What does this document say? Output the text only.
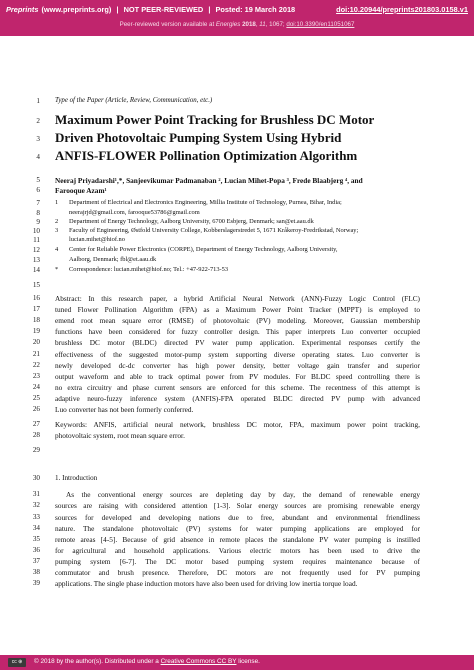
Preprints (www.preprints.org) | NOT PEER-REVIEWED | Posted: 19 March 2018	doi:10.20944/preprints201803.0158.v1
Peer-reviewed version available at Energies 2018, 11, 1067; doi:10.3390/en11051067
1
2
3
4
5
6
7
8
9
10
11
12
13
14
15
16
17
18
19
20
21
22
23
24
25
26
27
28
29
30
31
32
33
34
35
36
37
38
39
Type of the Paper (Article, Review, Communication, etc.)
Maximum Power Point Tracking for Brushless DC Motor
Driven Photovoltaic Pumping System Using Hybrid
ANFIS-FLOWER Pollination Optimization Algorithm
Neeraj Priyadarshi¹,*, Sanjeevikumar Padmanaban ², Lucian Mihet-Popa ³, Frede Blaabjerg ⁴, and
Farooque Azam¹
1 Department of Electrical and Electronics Engineering, Millia Institute of Technology, Purnea, Bihar, India;
neerajrjd@gmail.com, farooque53786@gmail.com
2 Department of Energy Technology, Aalborg University, 6700 Esbjerg, Denmark; san@et.aau.dk
3 Faculty of Engineering, Østfold University College, Kobberslagerstredet 5, 1671 Kråkeroy-Fredrikstad, Norway;
lucian.mihet@hiof.no
4 Center for Reliable Power Electronics (CORPE), Department of Energy Technology, Aalborg University,
Aalborg, Denmark; fbl@et.aau.dk
* Correspondence: lucian.mihet@hiof.no; Tel.: +47-922-713-53
Abstract: In this research paper, a hybrid Artificial Neural Network (ANN)-Fuzzy Logic Control (FLC)
tuned Flower Pollination Algorithm (FPA) as a Maximum Power Point Tracker (MPPT) is employed to
emend root mean square error (RMSE) of photovoltaic (PV) modeling. Moreover, Gaussian membership
functions have been considered for fuzzy controller design. This paper interprets Luo converter occupied
brushless DC motor (BLDC) directed PV water pump application. Experimental responses certify the
effectiveness of the suggested motor-pump system supporting diverse operating states. Luo converter is
newly developed dc-dc converter has high power density, better voltage gain transfer and superior
output waveform and able to track optimal power from PV modules. For BLDC speed controlling there is
no extra circuitry and phase current sensors are enforced for this scheme. The recentness of this attempt is
adaptive neuro-fuzzy inference system (ANFIS)-FPA operated BLDC directed PV pump with advanced
Luo converter has not been formerly conferred.
Keywords: ANFIS, artificial neural network, brushless DC motor, FPA, maximum power point tracking,
photovoltaic system, root mean square error.
1. Introduction
As the conventional energy sources are depleting day by day, the demand of renewable energy
sources are raising with considered attention [1-3]. Solar energy sources are promising renewable energy
sources for developed and developing nations due to free, abundant and environmental friendliness
nature. The standalone photovoltaic (PV) systems for water pumping applications are employed for
remote areas [4-5]. Because of grid absence in remote places the standalone PV water pumping is instilled
for agricultural and household applications. Various electric motors has been used to drive the
pumping system [6-7]. The DC motor based pumping system requires maintenance because of
commutator and brush presence. Therefore, DC motors are not frequently used for PV pumping
applications. The single phase induction motors have also been used for driving low inertia torque load.
cc ⊕	© 2018 by the author(s). Distributed under a Creative Commons CC BY license.
